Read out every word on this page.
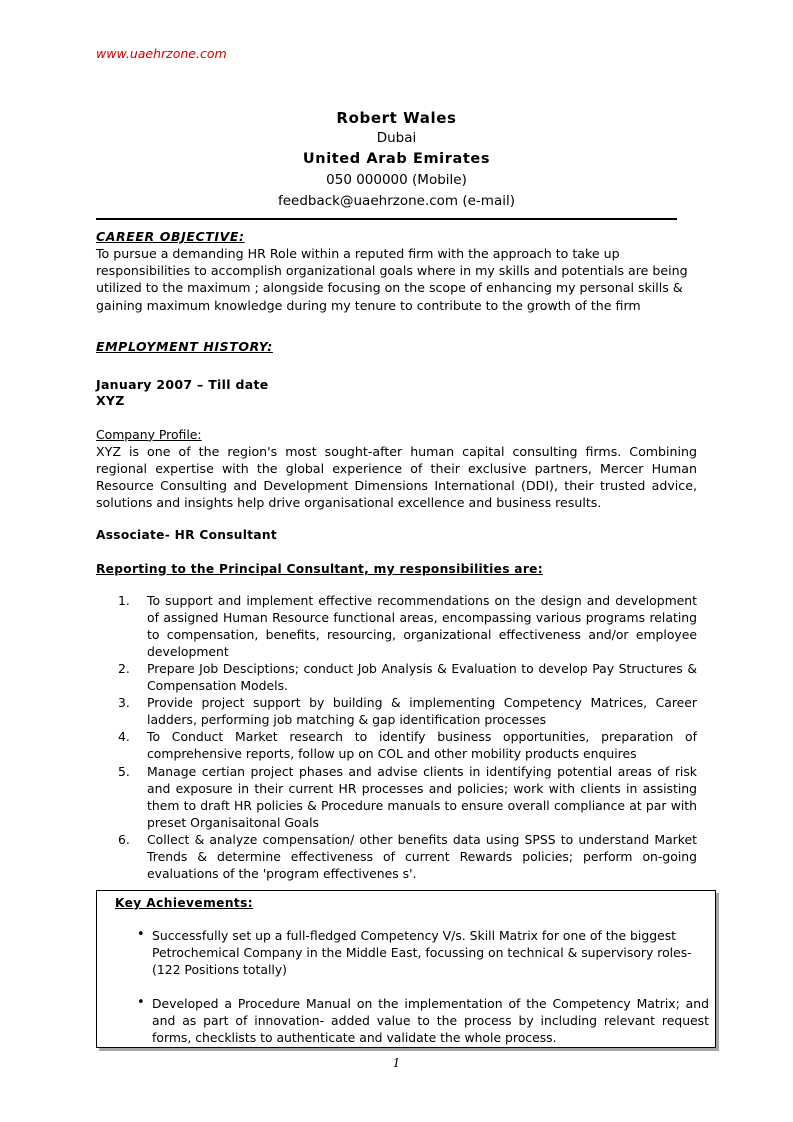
www.uaehrzone.com
Robert Wales
Dubai
United Arab Emirates
050 000000 (Mobile)
feedback@uaehrzone.com (e-mail)
CAREER OBJECTIVE:

To pursue a demanding HR Role within a reputed firm with the approach to take up responsibilities to accomplish organizational goals where in my skills and potentials are being utilized to the maximum ; alongside focusing on the scope of enhancing my personal skills & gaining maximum knowledge during my tenure to contribute to the growth of the firm

EMPLOYMENT HISTORY:
January 2007 – Till date
XYZ
Company Profile:

XYZ is one of the region's most sought-after human capital consulting firms. Combining regional expertise with the global experience of their exclusive partners, Mercer Human Resource Consulting and Development Dimensions International (DDI), their trusted advice, solutions and insights help drive organisational excellence and business results.

Associate- HR Consultant
Reporting to the Principal Consultant, my responsibilities are:
1.	To support and implement effective recommendations on the design and development of assigned Human Resource functional areas, encompassing various programs relating to compensation, benefits, resourcing, organizational effectiveness and/or employee development
2.	Prepare Job Desciptions; conduct Job Analysis & Evaluation to develop Pay Structures & Compensation Models.
3.	Provide project support by building & implementing Competency Matrices, Career ladders, performing job matching & gap identification processes
4.	To Conduct Market research to identify business opportunities, preparation of comprehensive reports, follow up on COL and other mobility products enquires
5.	Manage certian project phases and advise clients in identifying potential areas of risk and exposure in their current HR processes and policies; work with clients in assisting them to draft HR policies & Procedure manuals to ensure overall compliance at par with preset Organisaitonal Goals
6.	Collect & analyze compensation/ other benefits data using SPSS to understand Market Trends & determine effectiveness of current Rewards policies; perform on-going evaluations of the 'program effectivenes s'.
Key Achievements:
• Successfully set up a full-fledged Competency V/s. Skill Matrix for one of the biggest Petrochemical Company in the Middle East, focussing on technical & supervisory roles- (122 Positions totally)
• Developed a Procedure Manual on the implementation of the Competency Matrix; and and as part of innovation- added value to the process by including relevant request forms, checklists to authenticate and validate the whole process.
1
